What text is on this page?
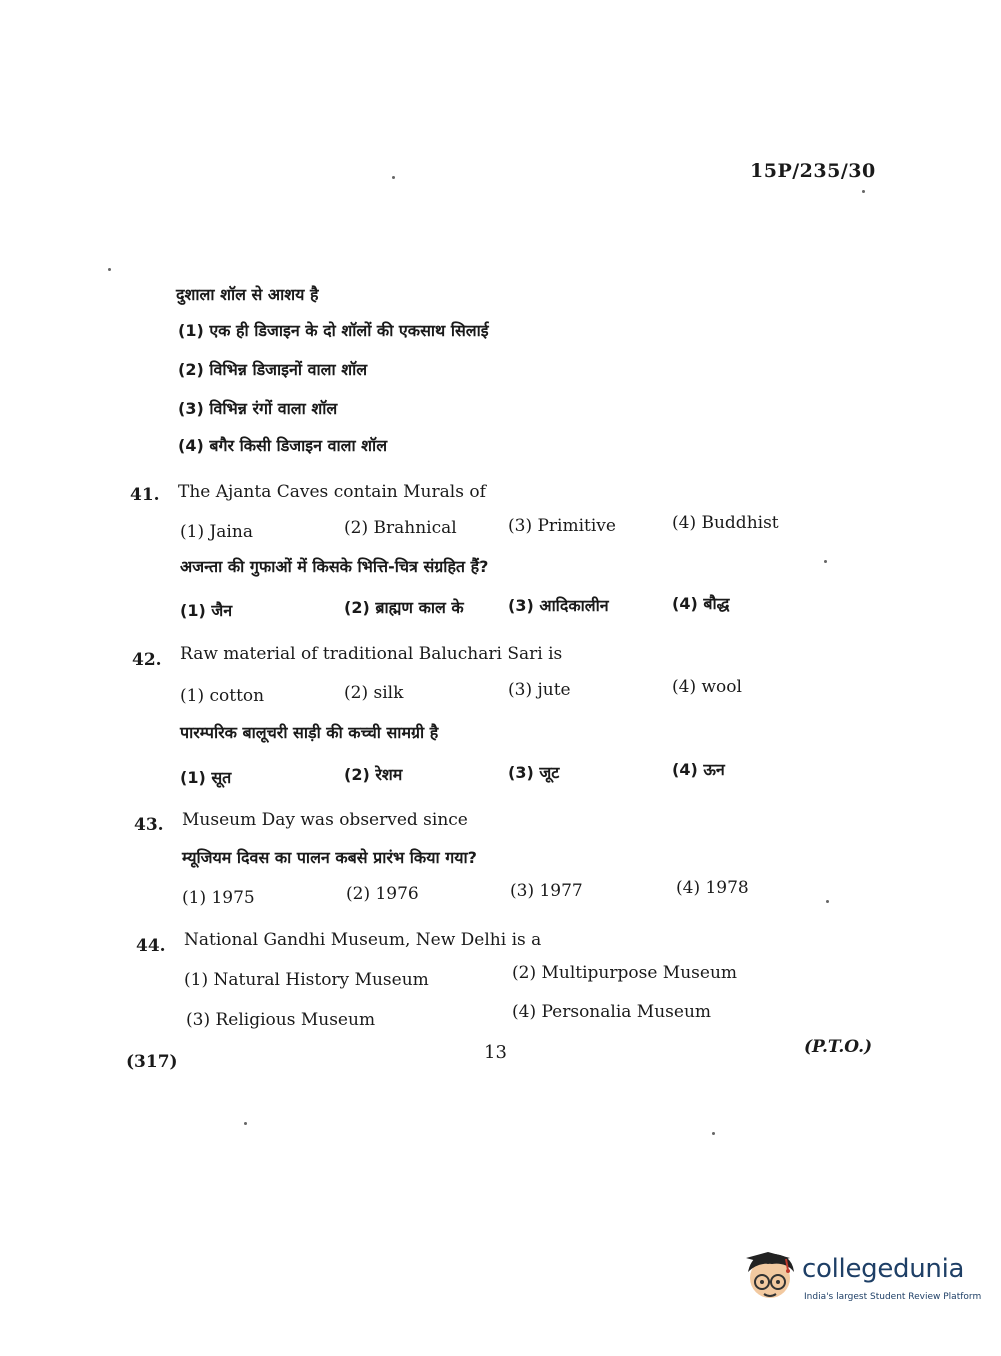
15P/235/30
दुशाला शॉल से आशय है
(1) एक ही डिजाइन के दो शॉलों की एकसाथ सिलाई
(2) विभिन्न डिजाइनों वाला शॉल
(3) विभिन्न रंगों वाला शॉल
(4) बगैर किसी डिजाइन वाला शॉल
41. The Ajanta Caves contain Murals of
(1) Jaina	(2) Brahnical	(3) Primitive	(4) Buddhist
अजन्ता की गुफाओं में किसके भित्ति-चित्र संग्रहित हैं?
(1) जैन	(2) ब्राह्मण काल के	(3) आदिकालीन	(4) बौद्ध
42. Raw material of traditional Baluchari Sari is
(1) cotton	(2) silk	(3) jute	(4) wool
पारम्परिक बालूचरी साड़ी की कच्ची सामग्री है
(1) सूत	(2) रेशम	(3) जूट	(4) ऊन
43. Museum Day was observed since
म्यूजियम दिवस का पालन कबसे प्रारंभ किया गया?
(1) 1975	(2) 1976	(3) 1977	(4) 1978
44. National Gandhi Museum, New Delhi is a
(1) Natural History Museum	(2) Multipurpose Museum
(3) Religious Museum	(4) Personalia Museum
(317)	13	(P.T.O.)
collegedunia
India's largest Student Review Platform
